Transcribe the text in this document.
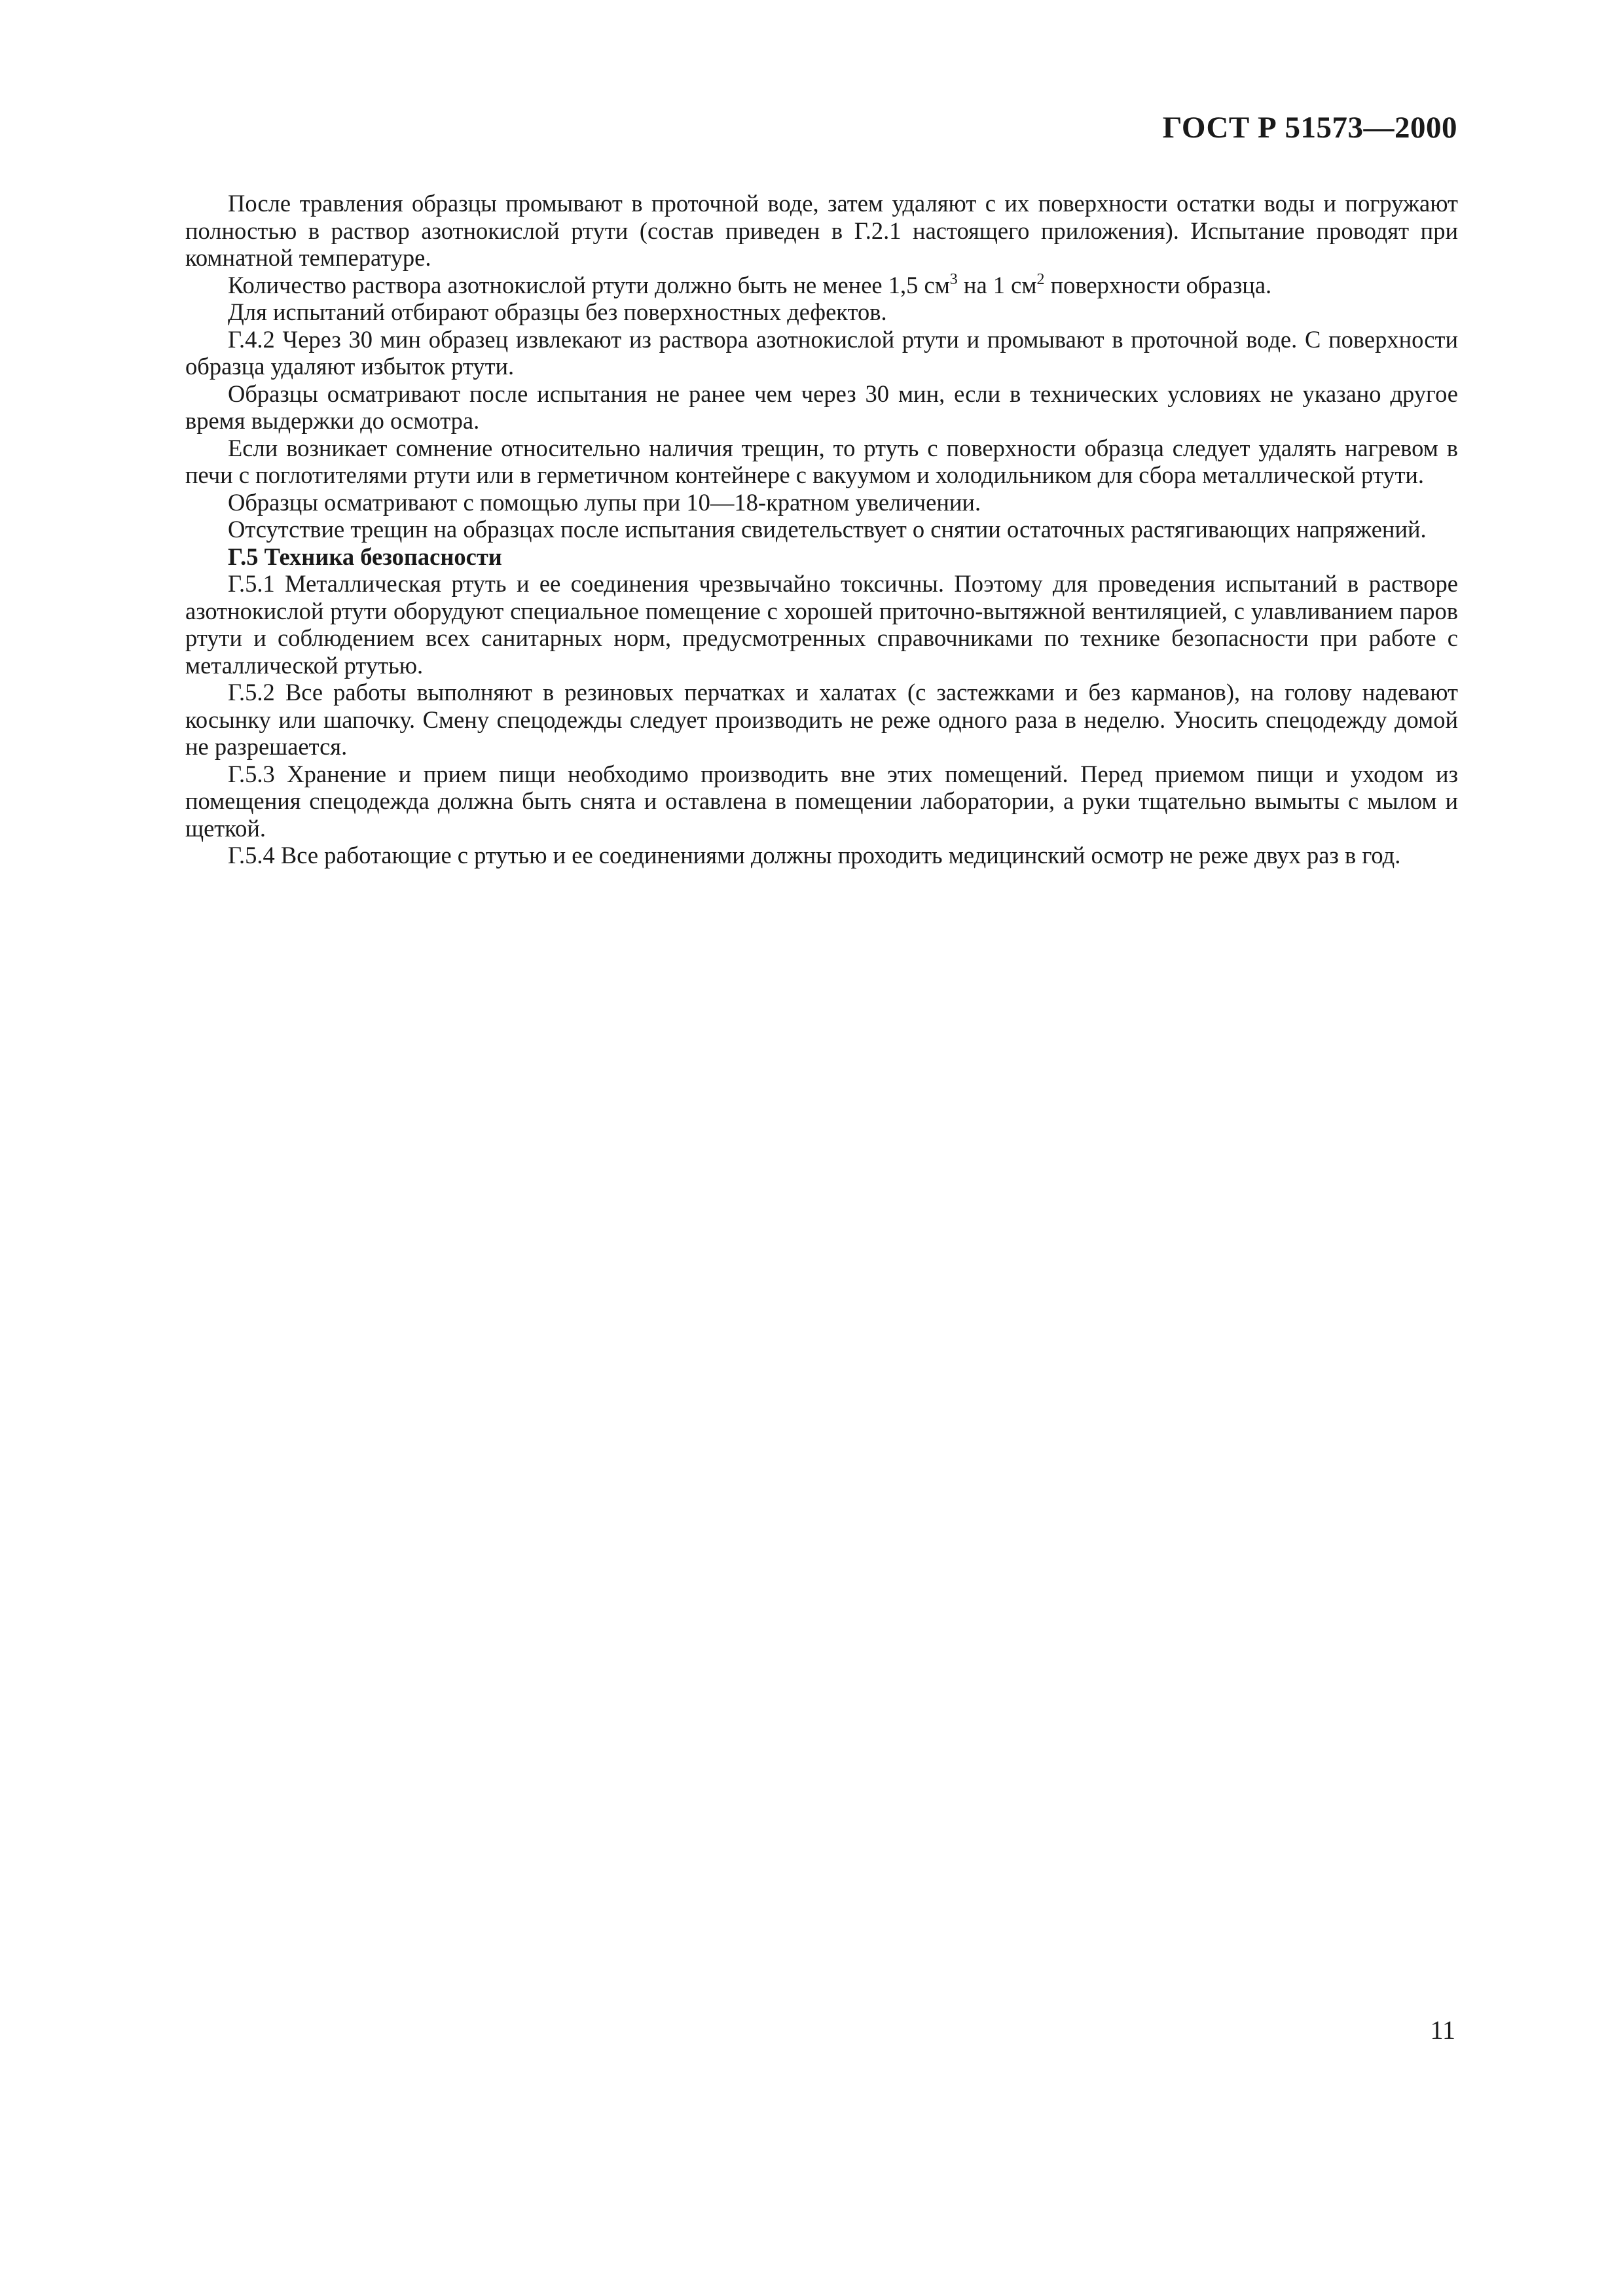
ГОСТ Р 51573—2000

После травления образцы промывают в проточной воде, затем удаляют с их поверхности остатки воды и погружают полностью в раствор азотнокислой ртути (состав приведен в Г.2.1 настоящего приложения). Испытание проводят при комнатной температуре.

Количество раствора азотнокислой ртути должно быть не менее 1,5 $см^3$ на 1 $см^2$ поверхности образца.

Для испытаний отбирают образцы без поверхностных дефектов.

Г.4.2 Через 30 мин образец извлекают из раствора азотнокислой ртути и промывают в проточной воде. С поверхности образца удаляют избыток ртути.

Образцы осматривают после испытания не ранее чем через 30 мин, если в технических условиях не указано другое время выдержки до осмотра.

Если возникает сомнение относительно наличия трещин, то ртуть с поверхности образца следует удалять нагревом в печи с поглотителями ртути или в герметичном контейнере с вакуумом и холодильником для сбора металлической ртути.

Образцы осматривают с помощью лупы при 10—18-кратном увеличении.

Отсутствие трещин на образцах после испытания свидетельствует о снятии остаточных растягивающих напряжений.

Г.5 Техника безопасности

Г.5.1 Металлическая ртуть и ее соединения чрезвычайно токсичны. Поэтому для проведения испытаний в растворе азотнокислой ртути оборудуют специальное помещение с хорошей приточно-вытяжной вентиляцией, с улавливанием паров ртути и соблюдением всех санитарных норм, предусмотренных справочниками по технике безопасности при работе с металлической ртутью.

Г.5.2 Все работы выполняют в резиновых перчатках и халатах (с застежками и без карманов), на голову надевают косынку или шапочку. Смену спецодежды следует производить не реже одного раза в неделю. Уносить спецодежду домой не разрешается.

Г.5.3 Хранение и прием пищи необходимо производить вне этих помещений. Перед приемом пищи и уходом из помещения спецодежда должна быть снята и оставлена в помещении лаборатории, а руки тщательно вымыты с мылом и щеткой.

Г.5.4 Все работающие с ртутью и ее соединениями должны проходить медицинский осмотр не реже двух раз в год.

11
